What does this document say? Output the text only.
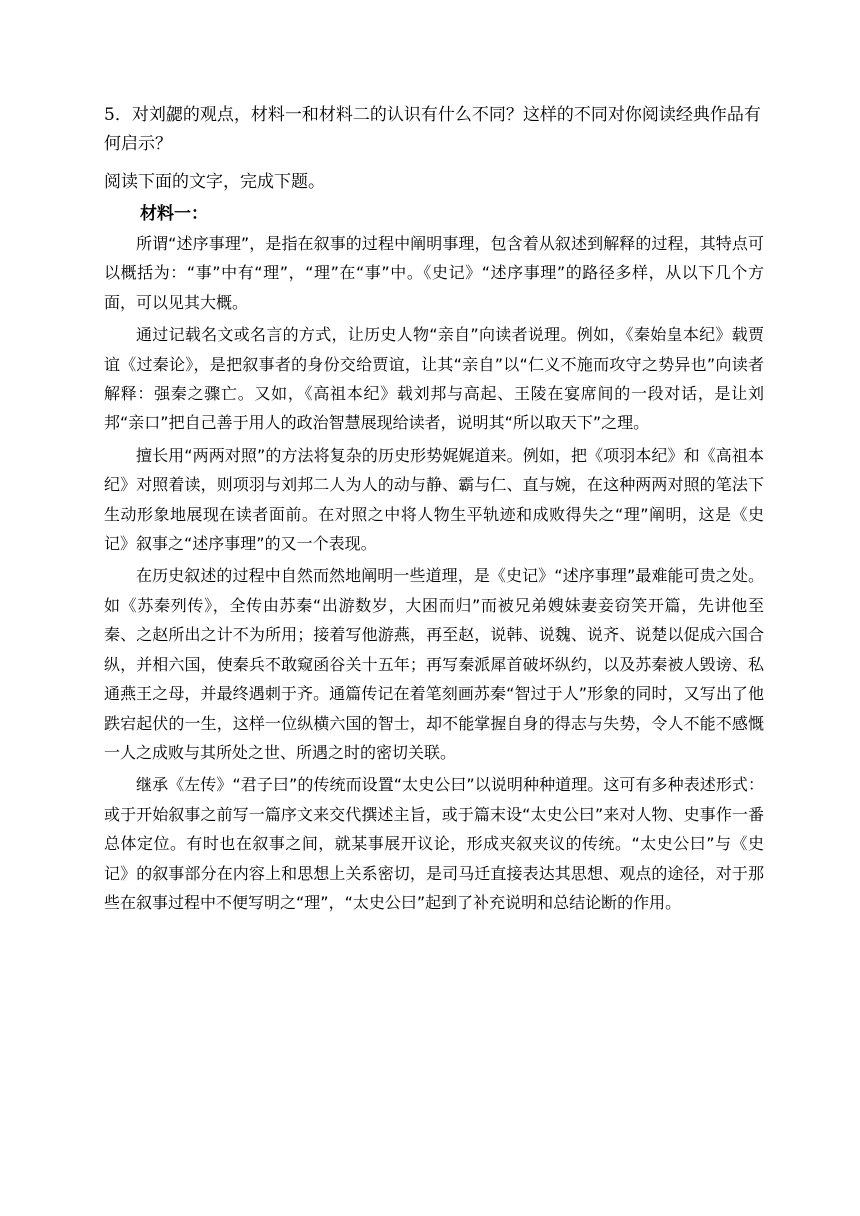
5．对刘勰的观点，材料一和材料二的认识有什么不同？这样的不同对你阅读经典作品有何启示？

阅读下面的文字，完成下题。

材料一：

所谓“述序事理”，是指在叙事的过程中阐明事理，包含着从叙述到解释的过程，其特点可以概括为：“事”中有“理”，“理”在“事”中。《史记》“述序事理”的路径多样，从以下几个方面，可以见其大概。

通过记载名文或名言的方式，让历史人物“亲自”向读者说理。例如，《秦始皇本纪》载贾谊《过秦论》，是把叙事者的身份交给贾谊，让其“亲自”以“仁义不施而攻守之势异也”向读者解释：强秦之骤亡。又如，《高祖本纪》载刘邦与高起、王陵在宴席间的一段对话，是让刘邦“亲口”把自己善于用人的政治智慧展现给读者，说明其“所以取天下”之理。

擅长用“两两对照”的方法将复杂的历史形势娓娓道来。例如，把《项羽本纪》和《高祖本纪》对照着读，则项羽与刘邦二人为人的动与静、霸与仁、直与婉，在这种两两对照的笔法下生动形象地展现在读者面前。在对照之中将人物生平轨迹和成败得失之“理”阐明，这是《史记》叙事之“述序事理”的又一个表现。

在历史叙述的过程中自然而然地阐明一些道理，是《史记》“述序事理”最难能可贵之处。如《苏秦列传》，全传由苏秦“出游数岁，大困而归”而被兄弟嫂妹妻妾窃笑开篇，先讲他至秦、之赵所出之计不为所用；接着写他游燕，再至赵，说韩、说魏、说齐、说楚以促成六国合纵，并相六国，使秦兵不敢窥函谷关十五年；再写秦派犀首破坏纵约，以及苏秦被人毁谤、私通燕王之母，并最终遇刺于齐。通篇传记在着笔刻画苏秦“智过于人”形象的同时，又写出了他跌宕起伏的一生，这样一位纵横六国的智士，却不能掌握自身的得志与失势，令人不能不感慨一人之成败与其所处之世、所遇之时的密切关联。

继承《左传》“君子曰”的传统而设置“太史公曰”以说明种种道理。这可有多种表述形式：或于开始叙事之前写一篇序文来交代撰述主旨，或于篇末设“太史公曰”来对人物、史事作一番总体定位。有时也在叙事之间，就某事展开议论，形成夹叙夹议的传统。“太史公曰”与《史记》的叙事部分在内容上和思想上关系密切，是司马迁直接表达其思想、观点的途径，对于那些在叙事过程中不便写明之“理”，“太史公曰”起到了补充说明和总结论断的作用。
